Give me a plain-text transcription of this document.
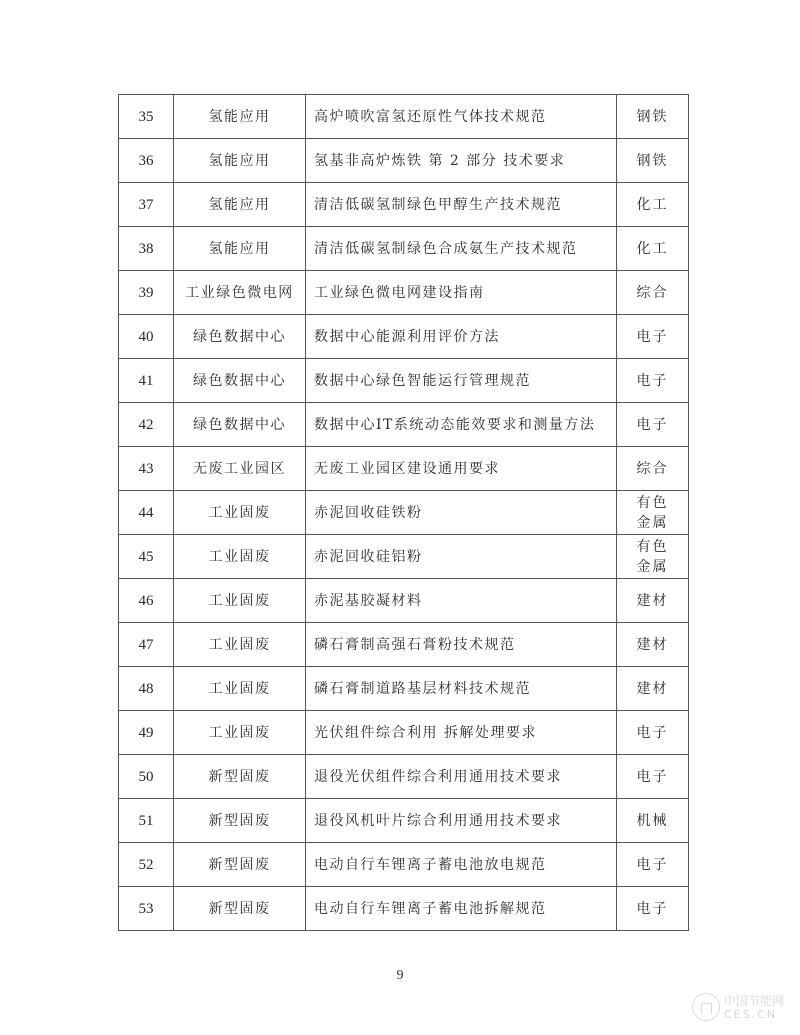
35	氢能应用	高炉喷吹富氢还原性气体技术规范	钢铁
36	氢能应用	氢基非高炉炼铁 第 2 部分 技术要求	钢铁
37	氢能应用	清洁低碳氢制绿色甲醇生产技术规范	化工
38	氢能应用	清洁低碳氢制绿色合成氨生产技术规范	化工
39	工业绿色微电网	工业绿色微电网建设指南	综合
40	绿色数据中心	数据中心能源利用评价方法	电子
41	绿色数据中心	数据中心绿色智能运行管理规范	电子
42	绿色数据中心	数据中心IT系统动态能效要求和测量方法	电子
43	无废工业园区	无废工业园区建设通用要求	综合
44	工业固废	赤泥回收硅铁粉	有色金属
45	工业固废	赤泥回收硅铝粉	有色金属
46	工业固废	赤泥基胶凝材料	建材
47	工业固废	磷石膏制高强石膏粉技术规范	建材
48	工业固废	磷石膏制道路基层材料技术规范	建材
49	工业固废	光伏组件综合利用 拆解处理要求	电子
50	新型固废	退役光伏组件综合利用通用技术要求	电子
51	新型固废	退役风机叶片综合利用通用技术要求	机械
52	新型固废	电动自行车锂离子蓄电池放电规范	电子
53	新型固废	电动自行车锂离子蓄电池拆解规范	电子
9
中国节能网
CES.CN
